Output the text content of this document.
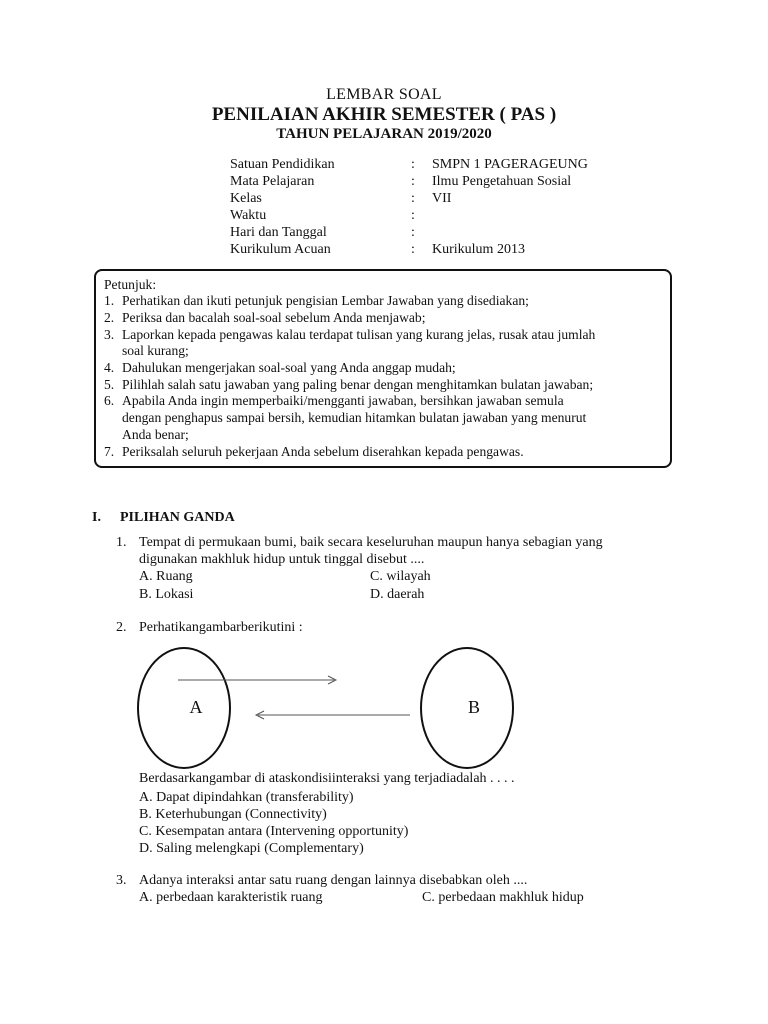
LEMBAR SOAL
PENILAIAN AKHIR SEMESTER ( PAS )
TAHUN PELAJARAN 2019/2020
Satuan Pendidikan	: SMPN 1 PAGERAGEUNG
Mata Pelajaran	: Ilmu Pengetahuan Sosial
Kelas	: VII
Waktu	:
Hari dan Tanggal	:
Kurikulum Acuan	: Kurikulum 2013
Petunjuk:
1. Perhatikan dan ikuti petunjuk pengisian Lembar Jawaban yang disediakan;
2. Periksa dan bacalah soal-soal sebelum Anda menjawab;
3. Laporkan kepada pengawas kalau terdapat tulisan yang kurang jelas, rusak atau jumlah
soal kurang;
4. Dahulukan mengerjakan soal-soal yang Anda anggap mudah;
5. Pilihlah salah satu jawaban yang paling benar dengan menghitamkan bulatan jawaban;
6. Apabila Anda ingin memperbaiki/mengganti jawaban, bersihkan jawaban semula
dengan penghapus sampai bersih, kemudian hitamkan bulatan jawaban yang menurut
Anda benar;
7. Periksalah seluruh pekerjaan Anda sebelum diserahkan kepada pengawas.
I. PILIHAN GANDA
1. Tempat di permukaan bumi, baik secara keseluruhan maupun hanya sebagian yang
digunakan makhluk hidup untuk tinggal disebut ....
A. Ruang
B. Lokasi
C. wilayah
D. daerah
2. Perhatikangambarberikutini :
A	B
Berdasarkangambar di ataskondisiinteraksi yang terjadiadalah . . . .
A. Dapat dipindahkan (transferability)
B. Keterhubungan (Connectivity)
C. Kesempatan antara (Intervening opportunity)
D. Saling melengkapi (Complementary)
3. Adanya interaksi antar satu ruang dengan lainnya disebabkan oleh ....
A. perbedaan karakteristik ruang	C. perbedaan makhluk hidup
